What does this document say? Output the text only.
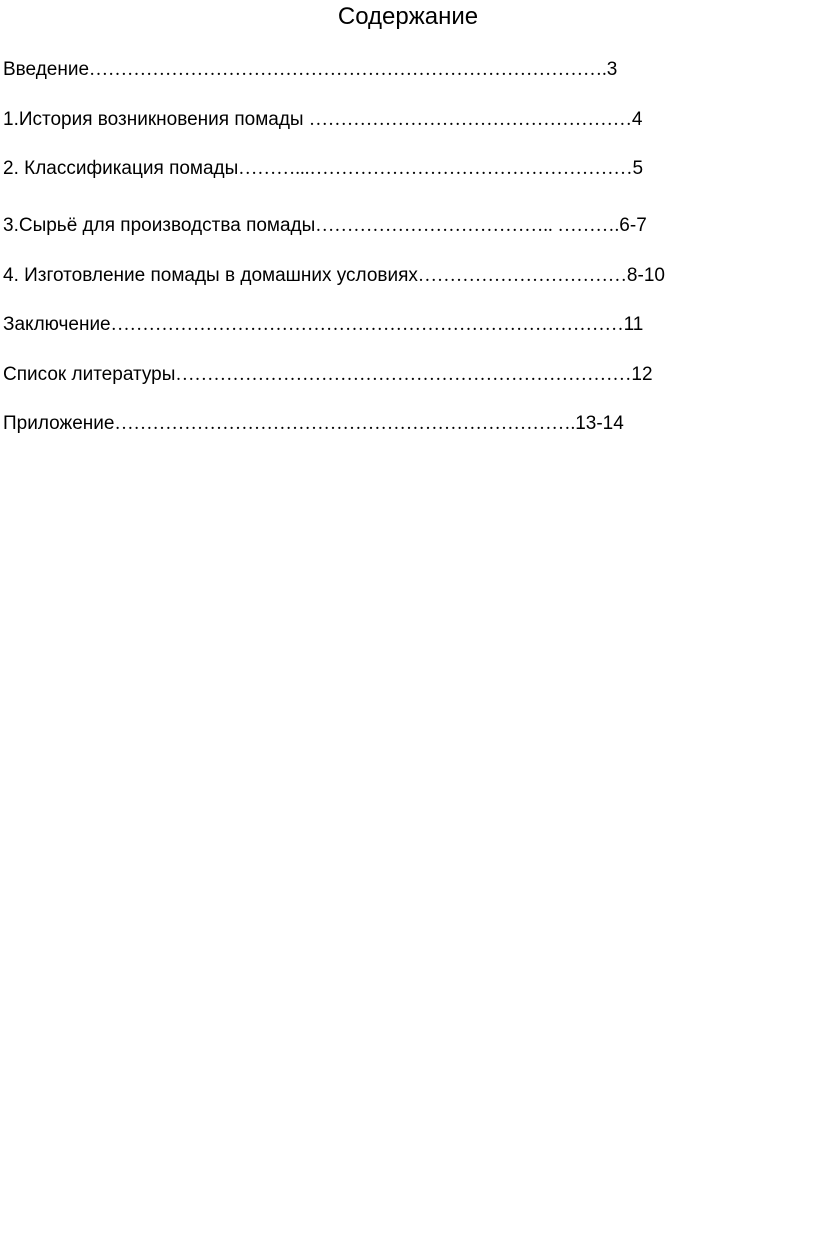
Содержание
Введение……………………………………………………………………….3
1.История возникновения помады ……………………………………………4
2. Классификация помады………...……………………………………………5
3.Сырьё для производства помады……………………………….. ……….6-7
4. Изготовление помады в домашних условиях……………………………8-10
Заключение………………………………………………………………………11
Список литературы………………………………………………………………12
Приложение……………………………………………………………….13-14
